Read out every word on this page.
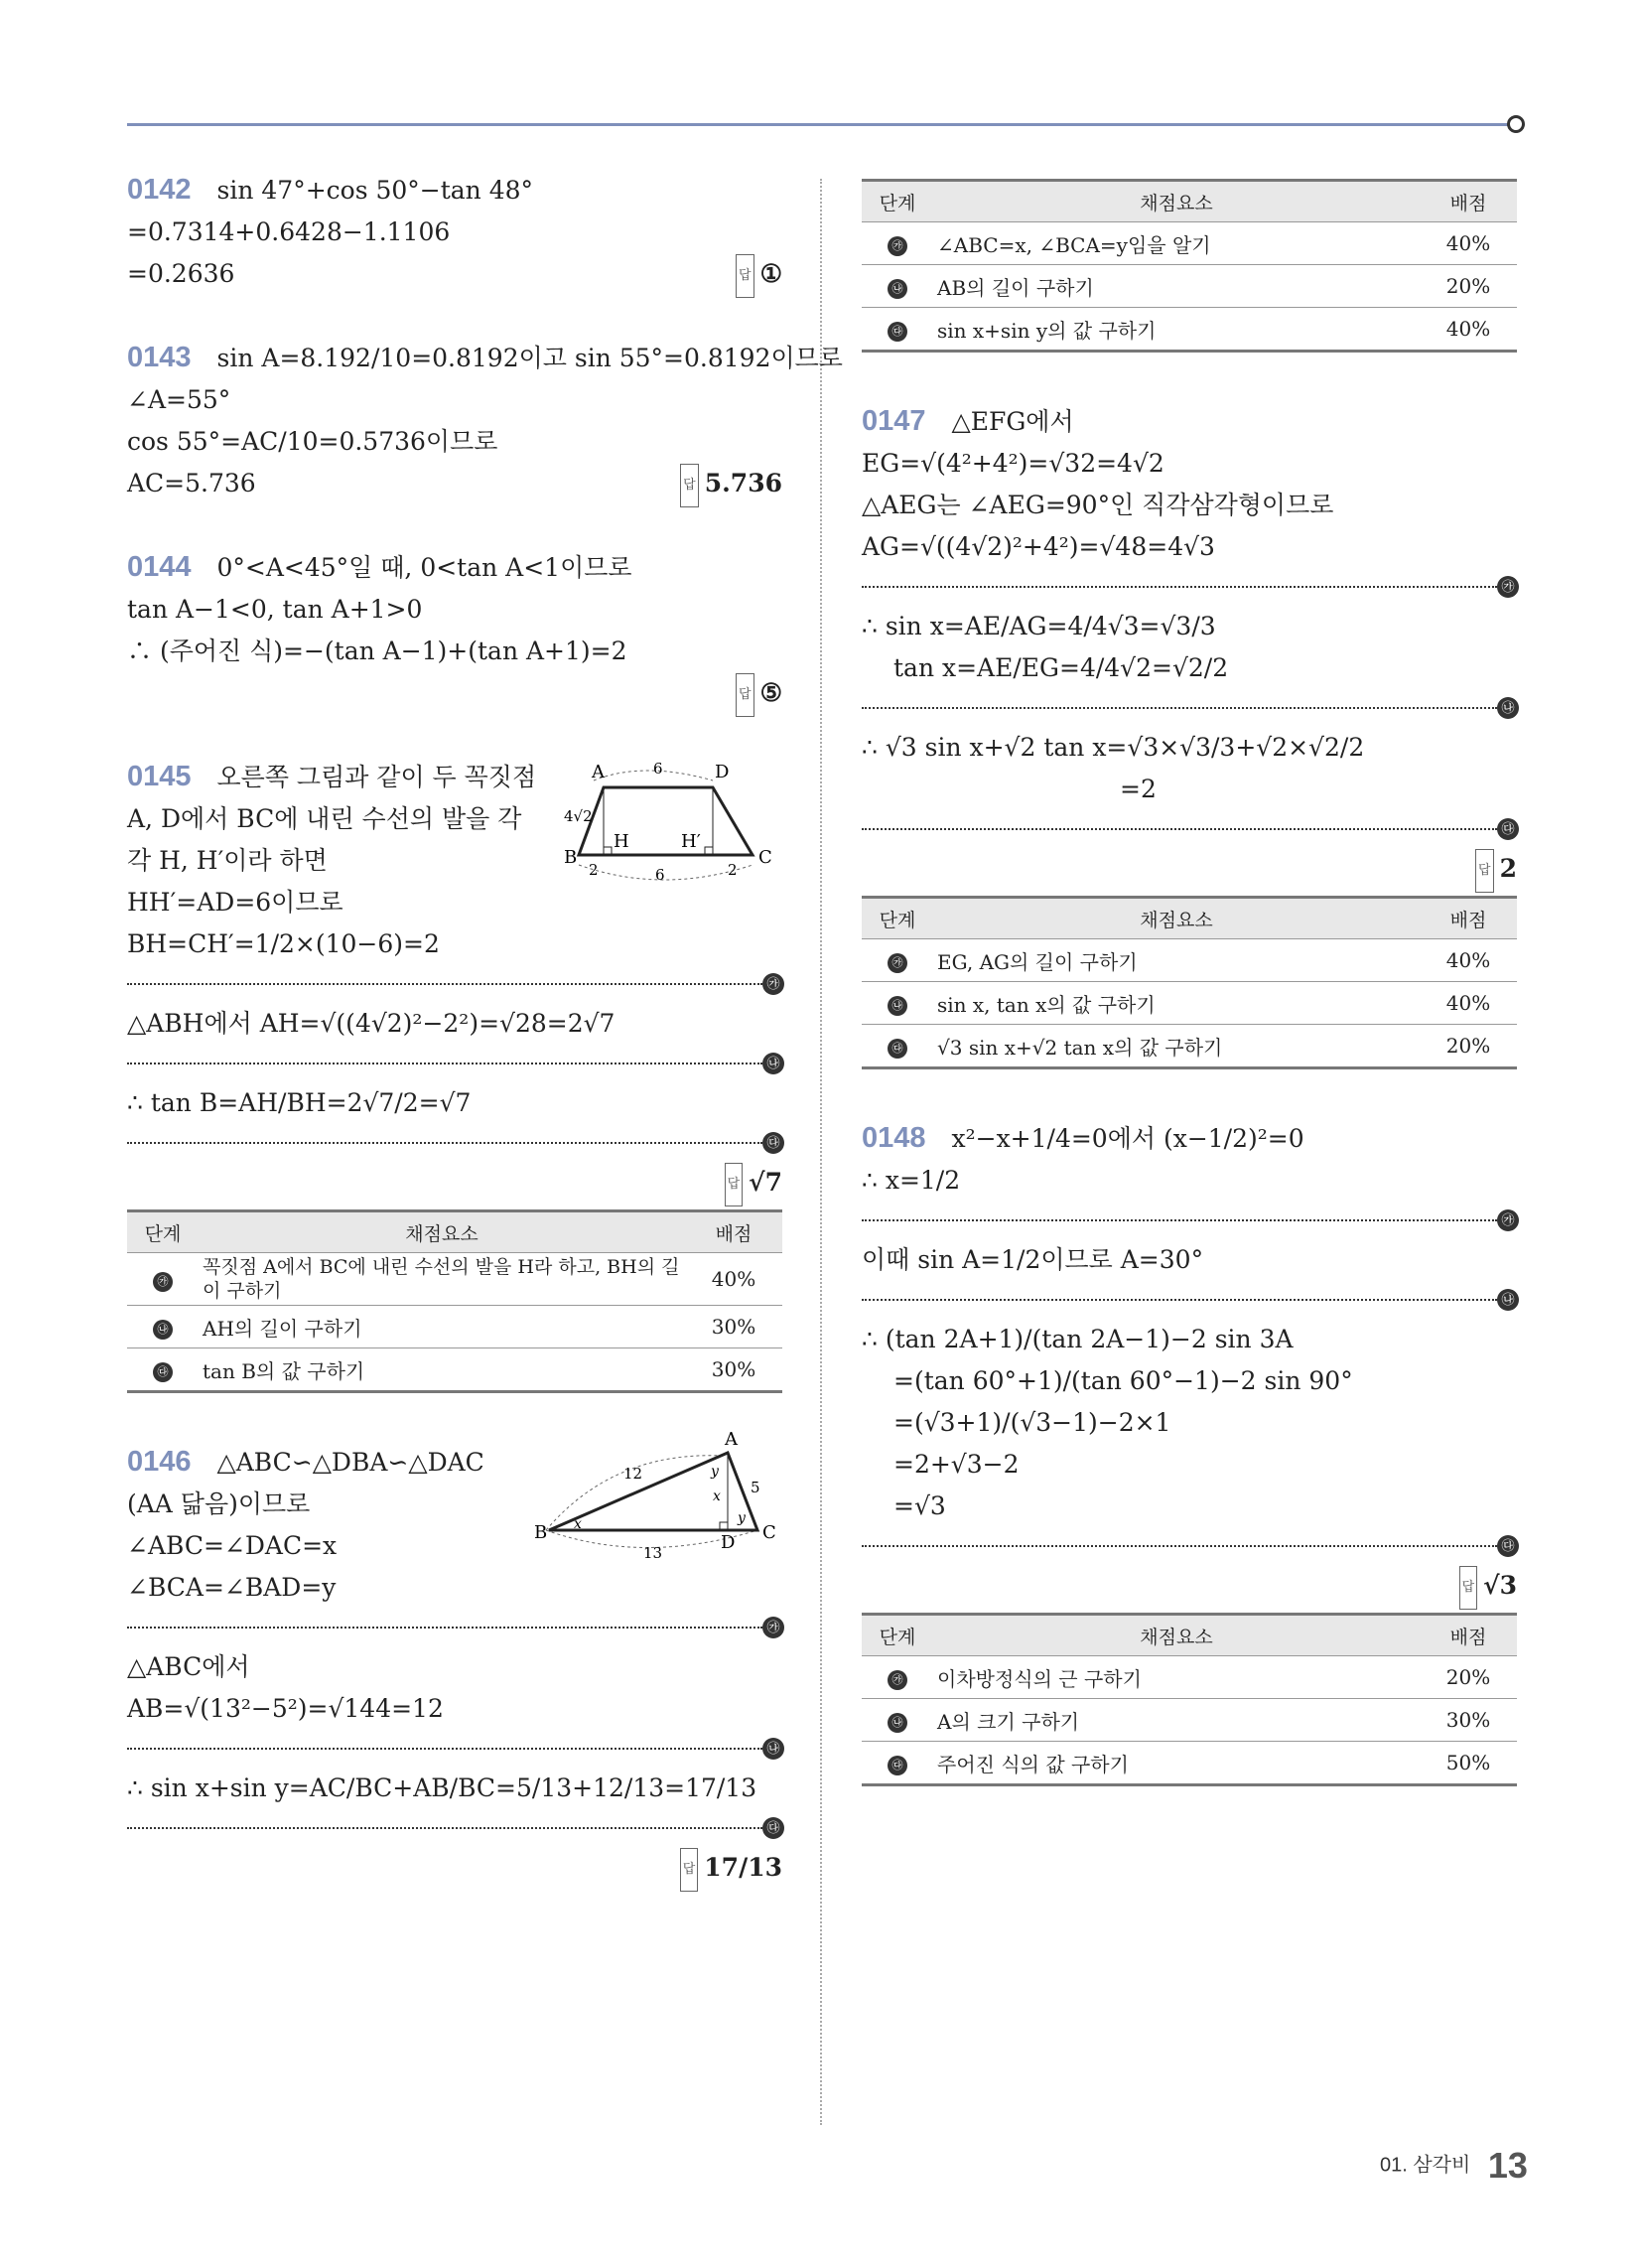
0142 sin 47°+cos 50°−tan 48°
=0.7314+0.6428−1.1106
=0.2636	답 ①
0143 sin A=8.192/10=0.8192이고 sin 55°=0.8192이므로
∠A=55°
cos 55°=AC/10=0.5736이므로
AC=5.736	답 5.736
0144 0°<A<45°일 때, 0<tan A<1이므로
tan A−1<0, tan A+1>0
∴ (주어진 식)=−(tan A−1)+(tan A+1)=2
답 ⑤
0145 오른쪽 그림과 같이 두 꼭짓점
A, D에서 BC에 내린 수선의 발을 각
각 H, H′이라 하면
HH′=AD=6이므로
BH=CH′=1/2×(10−6)=2
㉮
△ABH에서 AH=√((4√2)²−2²)=√28=2√7
㉯
∴ tan B=AH/BH=2√7/2=√7
㉰
답 √7
A	D
B	C
H	H′
6
6
2	2
4√2
단계	채점요소	배점
㉮	꼭짓점 A에서 BC에 내린 수선의 발을 H라 하고, BH의 길이 구하기	40%
㉯	AH의 길이 구하기	30%
㉰	tan B의 값 구하기	30%
0146 △ABC∽△DBA∽△DAC
(AA 닮음)이므로
∠ABC=∠DAC=x
∠BCA=∠BAD=y
㉮
△ABC에서
AB=√(13²−5²)=√144=12
㉯
∴ sin x+sin y=AC/BC+AB/BC=5/13+12/13=17/13
㉰
답 17/13
A
B	C
D
12
5
13
x
x
y
y
단계	채점요소	배점
㉮	∠ABC=x, ∠BCA=y임을 알기	40%
㉯	AB의 길이 구하기	20%
㉰	sin x+sin y의 값 구하기	40%
0147 △EFG에서
EG=√(4²+4²)=√32=4√2
△AEG는 ∠AEG=90°인 직각삼각형이므로
AG=√((4√2)²+4²)=√48=4√3
㉮
∴ sin x=AE/AG=4/4√3=√3/3
tan x=AE/EG=4/4√2=√2/2
㉯
∴ √3 sin x+√2 tan x=√3×√3/3+√2×√2/2
=2
㉰
답 2
단계	채점요소	배점
㉮	EG, AG의 길이 구하기	40%
㉯	sin x, tan x의 값 구하기	40%
㉰	√3 sin x+√2 tan x의 값 구하기	20%
0148 x²−x+1/4=0에서 (x−1/2)²=0
∴ x=1/2
㉮
이때 sin A=1/2이므로 A=30°
㉯
∴ (tan 2A+1)/(tan 2A−1)−2 sin 3A
=(tan 60°+1)/(tan 60°−1)−2 sin 90°
=(√3+1)/(√3−1)−2×1
=2+√3−2
=√3
㉰
답 √3
단계	채점요소	배점
㉮	이차방정식의 근 구하기	20%
㉯	A의 크기 구하기	30%
㉰	주어진 식의 값 구하기	50%
01. 삼각비 13
